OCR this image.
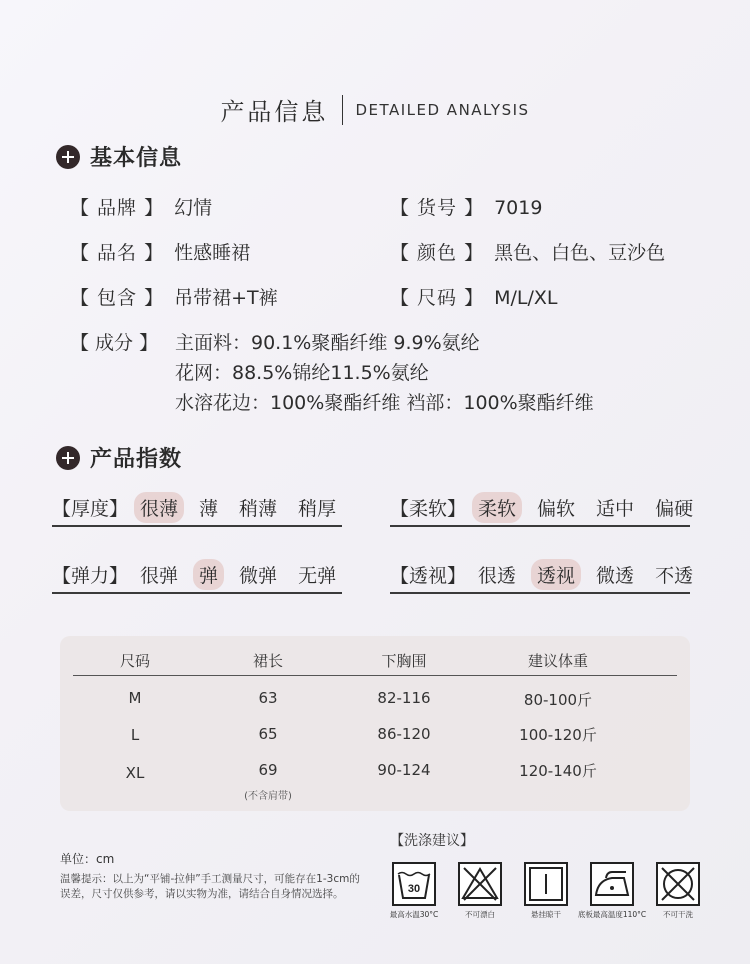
产品信息 DETAILED ANALYSIS
基本信息
【 品牌 】 幻情	【 货号 】 7019
【 品名 】 性感睡裙	【 颜色 】 黑色、白色、豆沙色
【 包含 】 吊带裙+T裤	【 尺码 】 M/L/XL
【 成分 】 主面料：90.1%聚酯纤维 9.9%氨纶
花网：88.5%锦纶11.5%氨纶
水溶花边：100%聚酯纤维 裆部：100%聚酯纤维
产品指数
【厚度】 很薄	薄	稍薄	稍厚	【柔软】 柔软	偏软	适中	偏硬
【弹力】 很弹	弹	微弹	无弹	【透视】 很透	透视	微透	不透
尺码	裙长	下胸围	建议体重
M	63	82-116	80-100斤
L	65	86-120	100-120斤
XL	69	90-124	120-140斤
(不含肩带)
单位：cm
温馨提示：以上为“平铺-拉伸”手工测量尺寸，可能存在1-3cm的误差，尺寸仅供参考，请以实物为准，请结合自身情况选择。
【洗涤建议】
30
最高水温30°C	不可漂白	悬挂晾干	底板最高温度110°C	不可干洗
